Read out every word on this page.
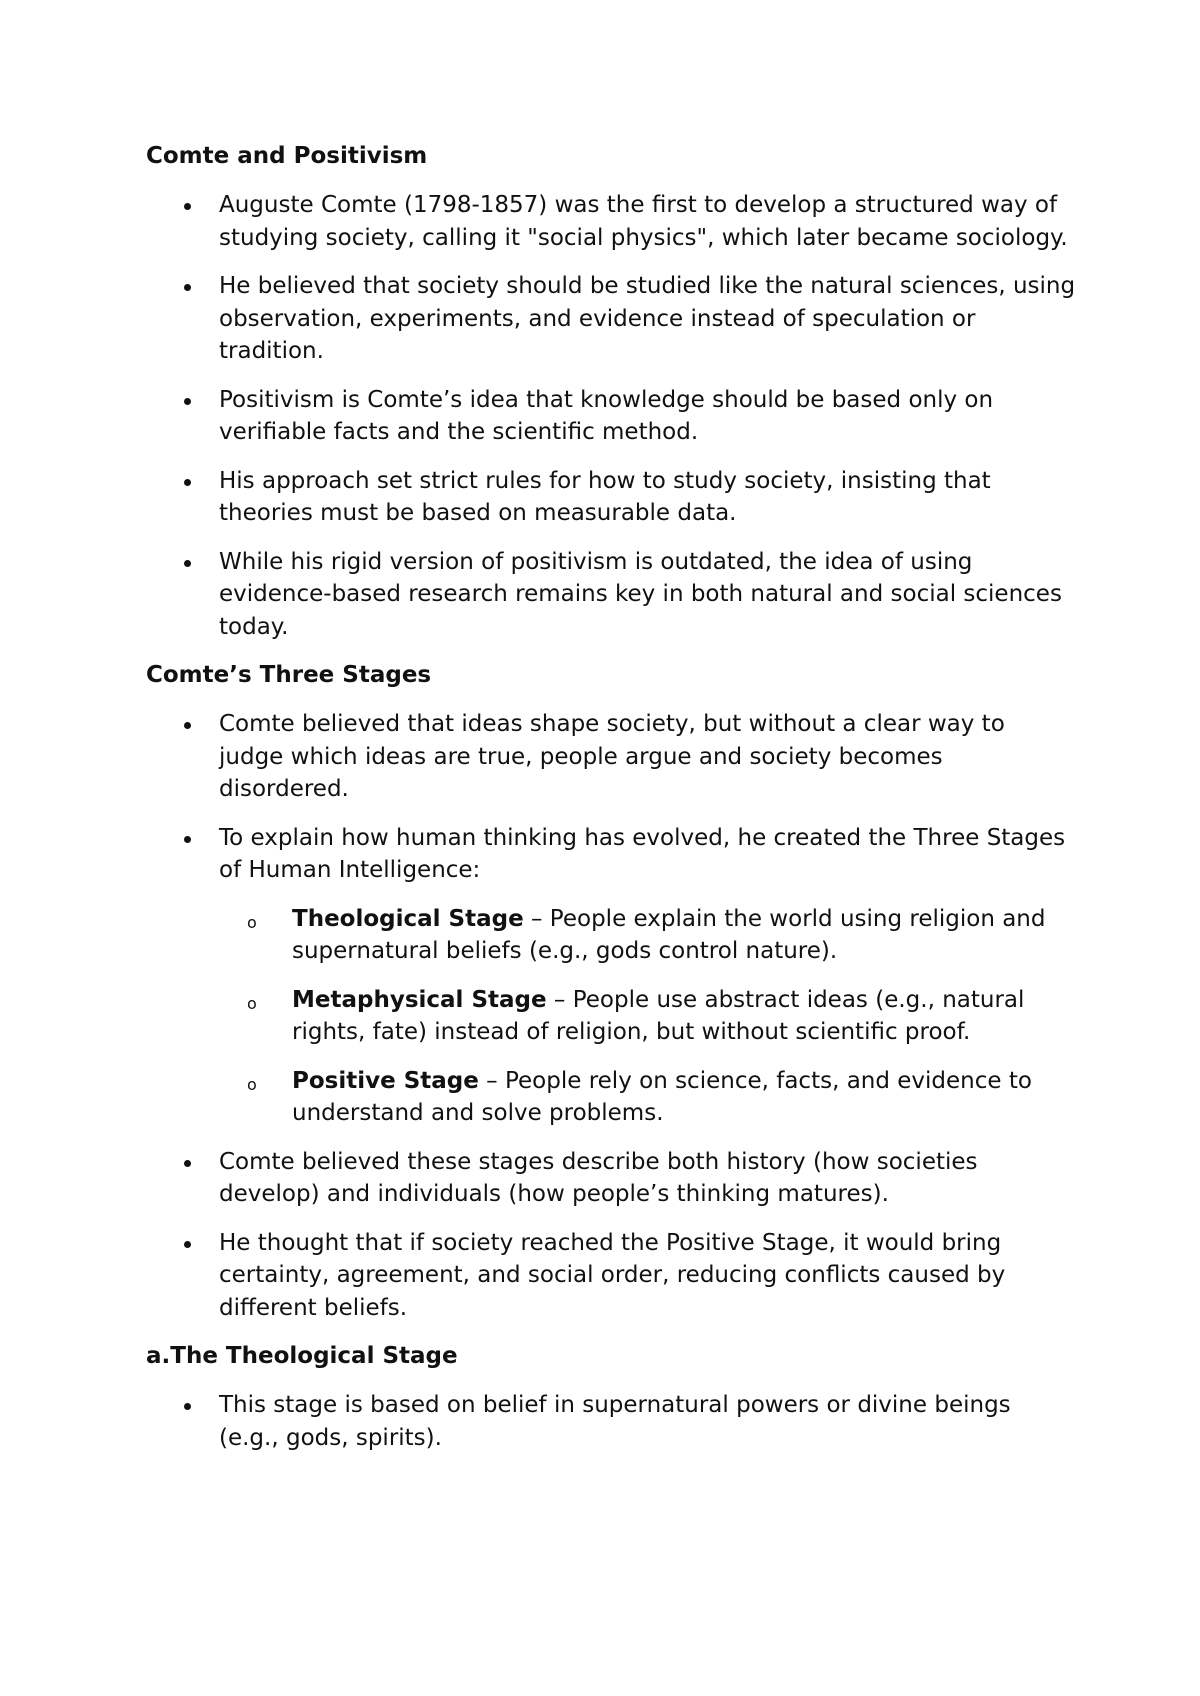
Comte and Positivism
Auguste Comte (1798-1857) was the first to develop a structured way of studying society, calling it "social physics", which later became sociology.
He believed that society should be studied like the natural sciences, using observation, experiments, and evidence instead of speculation or tradition.
Positivism is Comte’s idea that knowledge should be based only on verifiable facts and the scientific method.
His approach set strict rules for how to study society, insisting that theories must be based on measurable data.
While his rigid version of positivism is outdated, the idea of using evidence-based research remains key in both natural and social sciences today.
Comte’s Three Stages
Comte believed that ideas shape society, but without a clear way to judge which ideas are true, people argue and society becomes disordered.
To explain how human thinking has evolved, he created the Three Stages of Human Intelligence:
o Theological Stage – People explain the world using religion and supernatural beliefs (e.g., gods control nature).
o Metaphysical Stage – People use abstract ideas (e.g., natural rights, fate) instead of religion, but without scientific proof.
o Positive Stage – People rely on science, facts, and evidence to understand and solve problems.
Comte believed these stages describe both history (how societies develop) and individuals (how people’s thinking matures).
He thought that if society reached the Positive Stage, it would bring certainty, agreement, and social order, reducing conflicts caused by different beliefs.
a.The Theological Stage
This stage is based on belief in supernatural powers or divine beings (e.g., gods, spirits).
